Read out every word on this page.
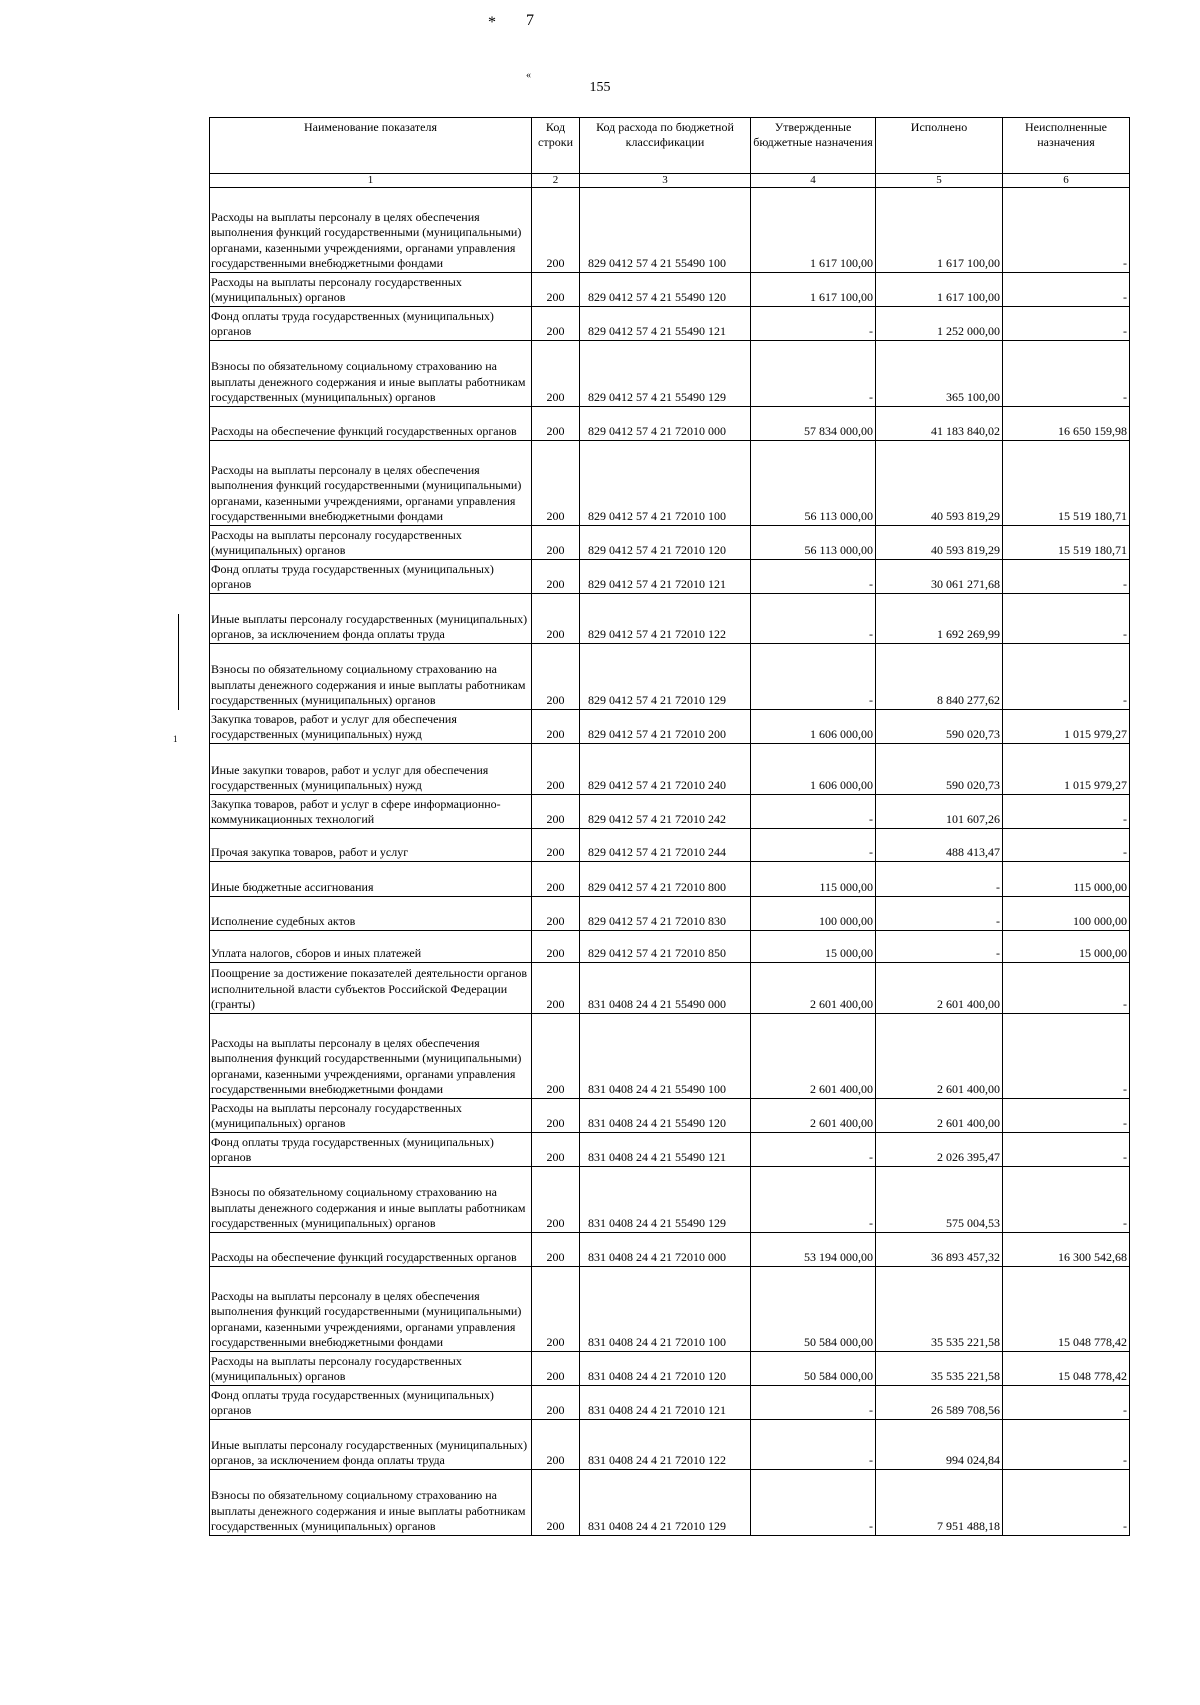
* 7
«
1
155
Наименование показателя	Код строки	Код расхода по бюджетной классификации	Утвержденные бюджетные назначения	Исполнено	Неисполненные назначения
1	2	3	4	5	6
Расходы на выплаты персоналу в целях обеспечения выполнения функций государственными (муниципальными) органами, казенными учреждениями, органами управления государственными внебюджетными фондами	200	829 0412 57 4 21 55490 100	1 617 100,00	1 617 100,00	-
Расходы на выплаты персоналу государственных (муниципальных) органов	200	829 0412 57 4 21 55490 120	1 617 100,00	1 617 100,00	-
Фонд оплаты труда государственных (муниципальных) органов	200	829 0412 57 4 21 55490 121	-	1 252 000,00	-
Взносы по обязательному социальному страхованию на выплаты денежного содержания и иные выплаты работникам государственных (муниципальных) органов	200	829 0412 57 4 21 55490 129	-	365 100,00	-
Расходы на обеспечение функций государственных органов	200	829 0412 57 4 21 72010 000	57 834 000,00	41 183 840,02	16 650 159,98
Расходы на выплаты персоналу в целях обеспечения выполнения функций государственными (муниципальными) органами, казенными учреждениями, органами управления государственными внебюджетными фондами	200	829 0412 57 4 21 72010 100	56 113 000,00	40 593 819,29	15 519 180,71
Расходы на выплаты персоналу государственных (муниципальных) органов	200	829 0412 57 4 21 72010 120	56 113 000,00	40 593 819,29	15 519 180,71
Фонд оплаты труда государственных (муниципальных) органов	200	829 0412 57 4 21 72010 121	-	30 061 271,68	-
Иные выплаты персоналу государственных (муниципальных) органов, за исключением фонда оплаты труда	200	829 0412 57 4 21 72010 122	-	1 692 269,99	-
Взносы по обязательному социальному страхованию на выплаты денежного содержания и иные выплаты работникам государственных (муниципальных) органов	200	829 0412 57 4 21 72010 129	-	8 840 277,62	-
Закупка товаров, работ и услуг для обеспечения государственных (муниципальных) нужд	200	829 0412 57 4 21 72010 200	1 606 000,00	590 020,73	1 015 979,27
Иные закупки товаров, работ и услуг для обеспечения государственных (муниципальных) нужд	200	829 0412 57 4 21 72010 240	1 606 000,00	590 020,73	1 015 979,27
Закупка товаров, работ и услуг в сфере информационно-коммуникационных технологий	200	829 0412 57 4 21 72010 242	-	101 607,26	-
Прочая закупка товаров, работ и услуг	200	829 0412 57 4 21 72010 244	-	488 413,47	-
Иные бюджетные ассигнования	200	829 0412 57 4 21 72010 800	115 000,00	-	115 000,00
Исполнение судебных актов	200	829 0412 57 4 21 72010 830	100 000,00	-	100 000,00
Уплата налогов, сборов и иных платежей	200	829 0412 57 4 21 72010 850	15 000,00	-	15 000,00
Поощрение за достижение показателей деятельности органов исполнительной власти субъектов Российской Федерации (гранты)	200	831 0408 24 4 21 55490 000	2 601 400,00	2 601 400,00	-
Расходы на выплаты персоналу в целях обеспечения выполнения функций государственными (муниципальными) органами, казенными учреждениями, органами управления государственными внебюджетными фондами	200	831 0408 24 4 21 55490 100	2 601 400,00	2 601 400,00	-
Расходы на выплаты персоналу государственных (муниципальных) органов	200	831 0408 24 4 21 55490 120	2 601 400,00	2 601 400,00	-
Фонд оплаты труда государственных (муниципальных) органов	200	831 0408 24 4 21 55490 121	-	2 026 395,47	-
Взносы по обязательному социальному страхованию на выплаты денежного содержания и иные выплаты работникам государственных (муниципальных) органов	200	831 0408 24 4 21 55490 129	-	575 004,53	-
Расходы на обеспечение функций государственных органов	200	831 0408 24 4 21 72010 000	53 194 000,00	36 893 457,32	16 300 542,68
Расходы на выплаты персоналу в целях обеспечения выполнения функций государственными (муниципальными) органами, казенными учреждениями, органами управления государственными внебюджетными фондами	200	831 0408 24 4 21 72010 100	50 584 000,00	35 535 221,58	15 048 778,42
Расходы на выплаты персоналу государственных (муниципальных) органов	200	831 0408 24 4 21 72010 120	50 584 000,00	35 535 221,58	15 048 778,42
Фонд оплаты труда государственных (муниципальных) органов	200	831 0408 24 4 21 72010 121	-	26 589 708,56	-
Иные выплаты персоналу государственных (муниципальных) органов, за исключением фонда оплаты труда	200	831 0408 24 4 21 72010 122	-	994 024,84	-
Взносы по обязательному социальному страхованию на выплаты денежного содержания и иные выплаты работникам государственных (муниципальных) органов	200	831 0408 24 4 21 72010 129	-	7 951 488,18	-
